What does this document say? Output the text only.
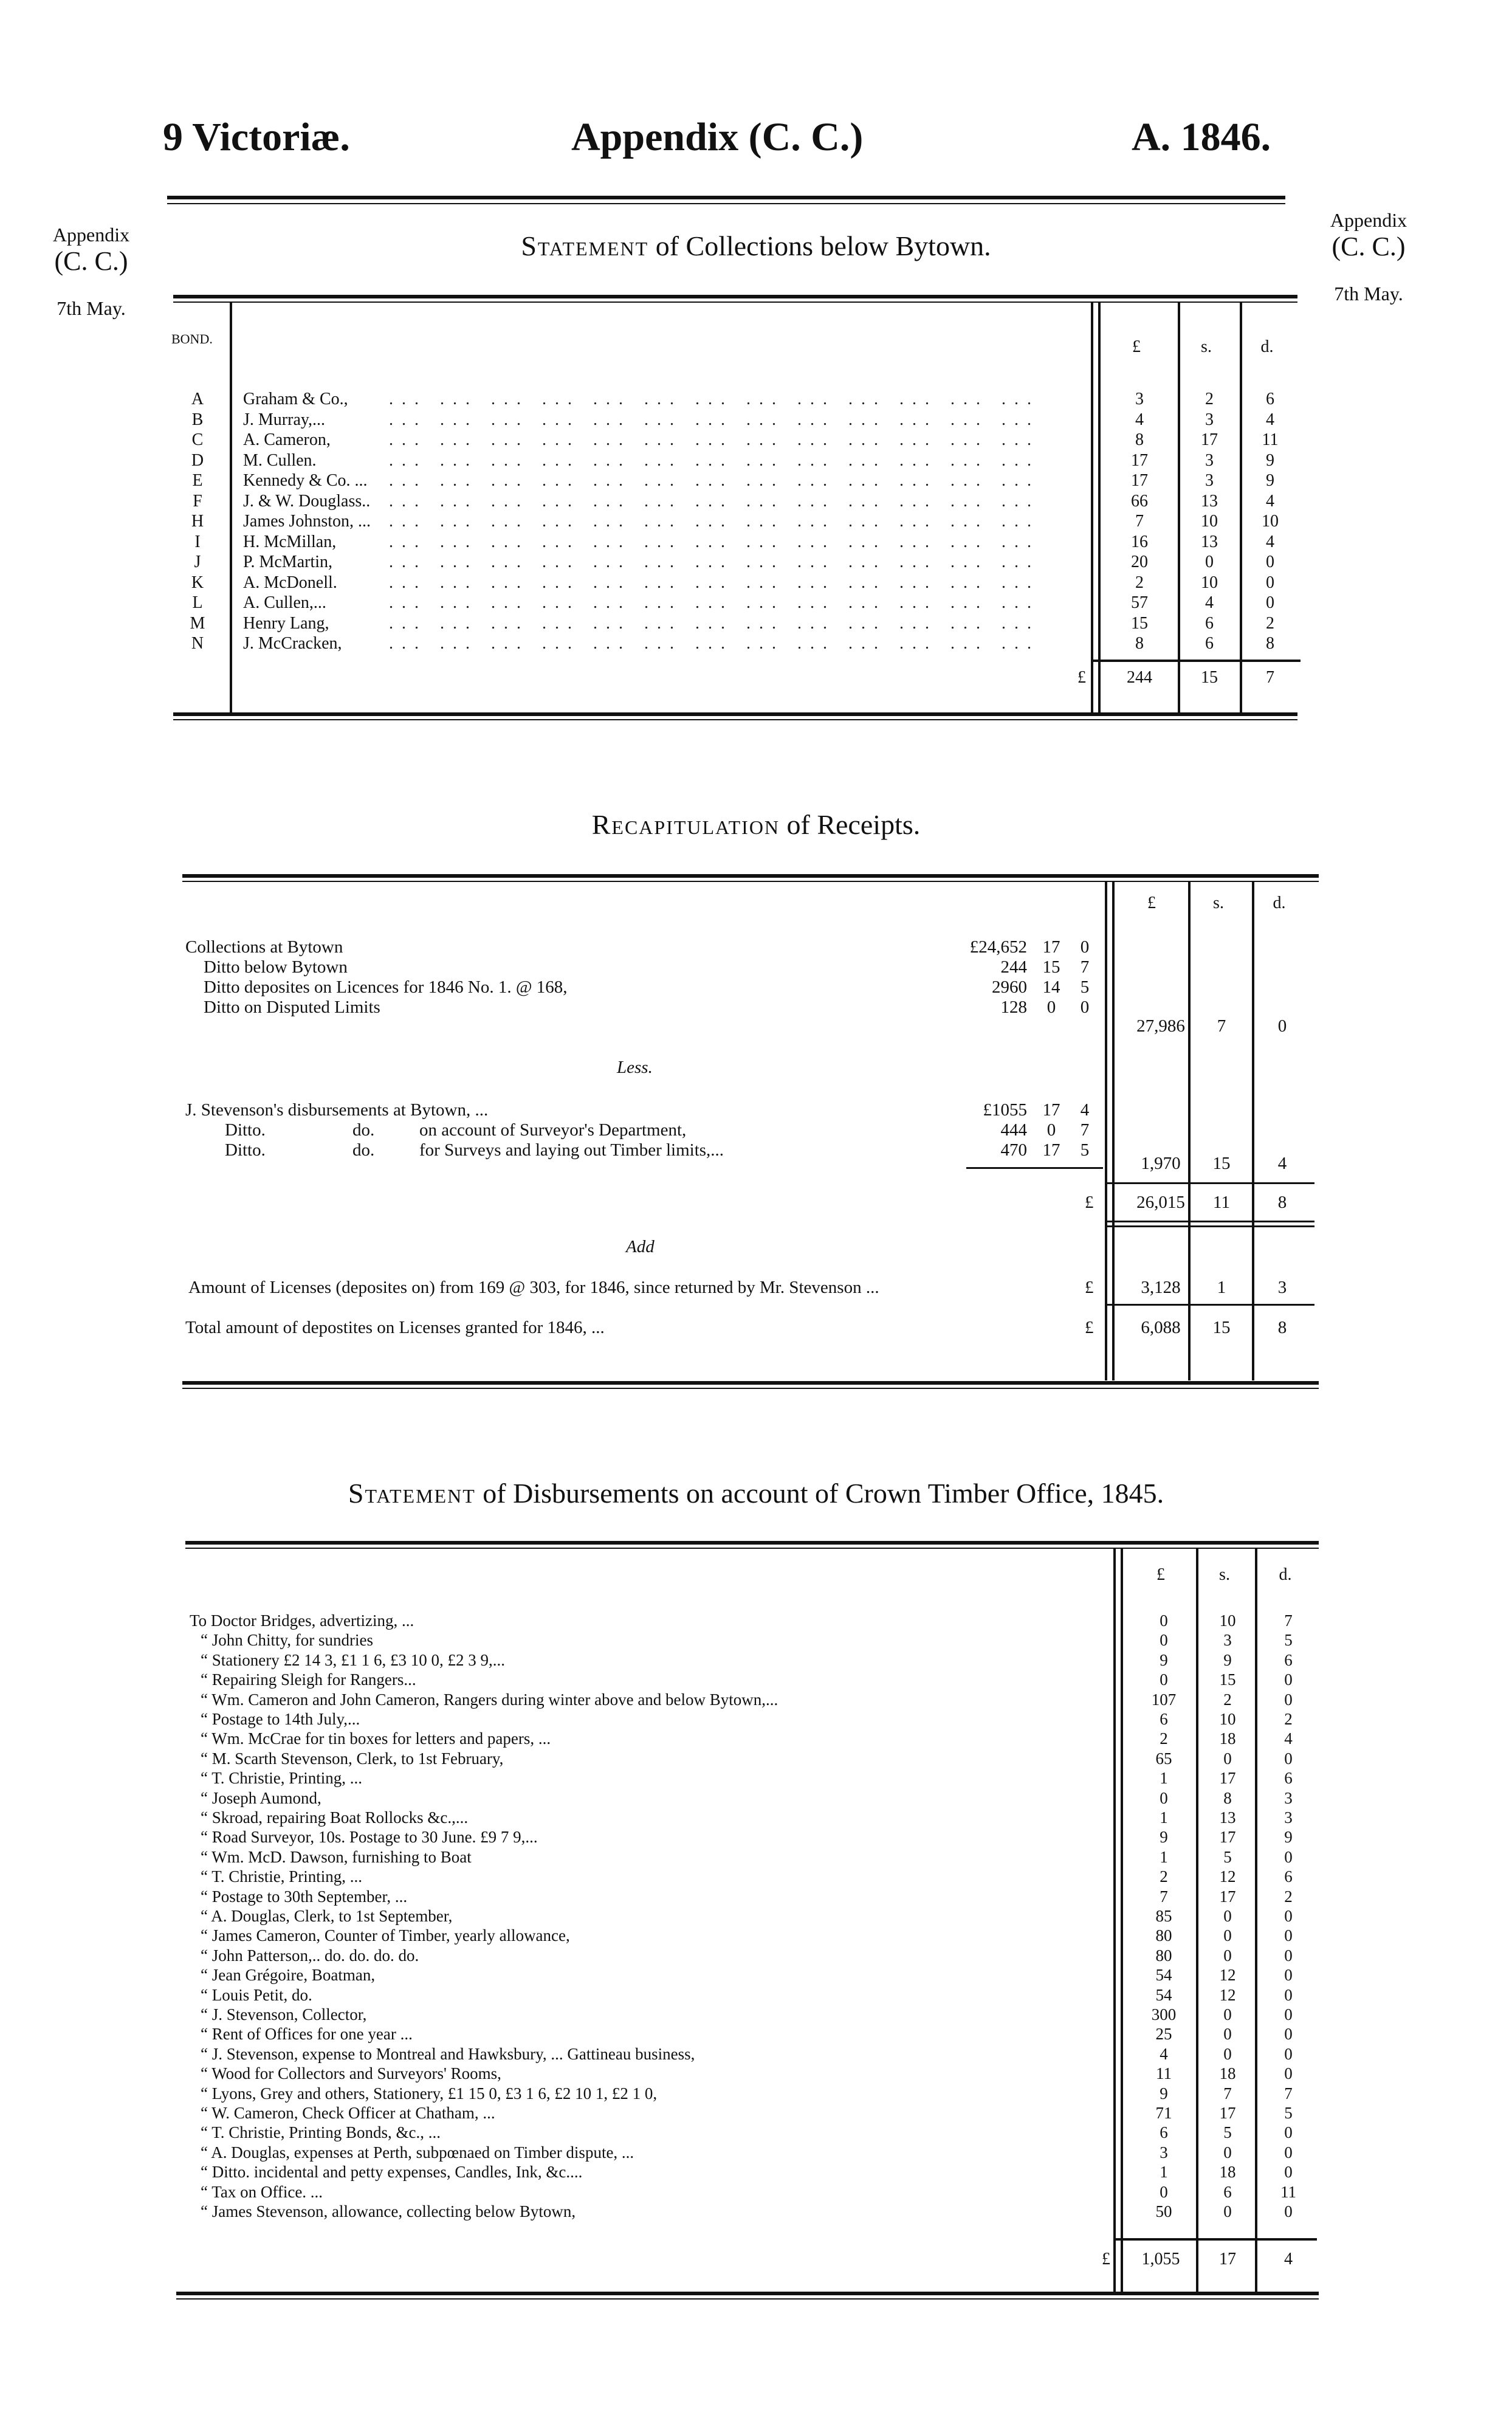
9 Victoriæ.	Appendix (C. C.)	A. 1846.
Appendix
(C. C.)
7th May.
Appendix
(C. C.)
7th May.
Statement of Collections below Bytown.
BOND.	£	s.	d.
A	Graham & Co., ... ... ... ... ... ... ... ... ... ... ... ... ...	3	2	6
B	J. Murray,...	... ... ... ... ... ... ... ... ... ... ... ... ...	4	3	4
C	A. Cameron,	... ... ... ... ... ... ... ... ... ... ... ... ...	8	17	11
D	M. Cullen.	... ... ... ... ... ... ... ... ... ... ... ... ...	17	3	9
E	Kennedy & Co. ... ... ... ... ... ... ... ... ... ... ... ... ... ...	17	3	9
F	J. & W. Douglass.. ... ... ... ... ... ... ... ... ... ... ... ... ...	66	13	4
H	James Johnston, ... ... ... ... ... ... ... ... ... ... ... ... ... ...	7	10	10
I	H. McMillan,	... ... ... ... ... ... ... ... ... ... ... ... ...	16	13	4
J	P. McMartin,	... ... ... ... ... ... ... ... ... ... ... ... ...	20	0	0
K	A. McDonell.	... ... ... ... ... ... ... ... ... ... ... ... ...	2	10	0
L	A. Cullen,...	... ... ... ... ... ... ... ... ... ... ... ... ...	57	4	0
M Henry Lang,	... ... ... ... ... ... ... ... ... ... ... ... ...	15	6	2
N	J. McCracken,	... ... ... ... ... ... ... ... ... ... ... ... ...	8	6	8
£	244	15	7
Recapitulation of Receipts.
£	s.	d.
Collections at Bytown	£24,652 17	0
Ditto below Bytown	244 15	7
Ditto deposites on Licences for 1846 No. 1. @ 168,	2960 14	5
Ditto on Disputed Limits	128	0	0
27,986	7	0
Less.
J. Stevenson's disbursements at Bytown, ...	£1055 17	4
Ditto.	do.	on account of Surveyor's Department,	444	0	7
Ditto.	do.	for Surveys and laying out Timber limits,...	470 17	5
1,970	15	4
£	26,015	11	8
Add
Amount of Licenses (deposites on) from 169 @ 303, for 1846, since returned by Mr. Stevenson ...	£	3,128	1	3
Total amount of depostites on Licenses granted for 1846, ...	£	6,088	15	8
Statement of Disbursements on account of Crown Timber Office, 1845.
£	s.	d.
To Doctor Bridges, advertizing, ...	0	10	7
“ John Chitty, for sundries	0	3	5
“ Stationery £2 14 3, £1 1 6, £3 10 0, £2 3 9,...	9	9	6
“ Repairing Sleigh for Rangers...	0	15	0
“ Wm. Cameron and John Cameron, Rangers during winter above and below Bytown,...	107	2	0
“ Postage to 14th July,...	6	10	2
“ Wm. McCrae for tin boxes for letters and papers, ...	2	18	4
“ M. Scarth Stevenson, Clerk, to 1st February,	65	0	0
“ T. Christie, Printing, ...	1	17	6
“ Joseph Aumond,	0	8	3
“ Skroad, repairing Boat Rollocks &c.,...	1	13	3
“ Road Surveyor, 10s. Postage to 30 June. £9 7 9,...	9	17	9
“ Wm. McD. Dawson, furnishing to Boat	1	5	0
“ T. Christie, Printing, ...	2	12	6
“ Postage to 30th September, ...	7	17	2
“ A. Douglas, Clerk, to 1st September,	85	0	0
“ James Cameron, Counter of Timber, yearly allowance,	80	0	0
“ John Patterson,.. do. do. do. do.	80	0	0
“ Jean Grégoire, Boatman,	54	12	0
“ Louis Petit, do.	54	12	0
“ J. Stevenson, Collector,	300	0	0
“ Rent of Offices for one year ...	25	0	0
“ J. Stevenson, expense to Montreal and Hawksbury, ... Gattineau business,	4	0	0
“ Wood for Collectors and Surveyors' Rooms,	11	18	0
“ Lyons, Grey and others, Stationery, £1 15 0, £3 1 6, £2 10 1, £2 1 0,	9	7	7
“ W. Cameron, Check Officer at Chatham, ...	71	17	5
“ T. Christie, Printing Bonds, &c., ...	6	5	0
“ A. Douglas, expenses at Perth, subpœnaed on Timber dispute, ...	3	0	0
“ Ditto. incidental and petty expenses, Candles, Ink, &c....	1	18	0
“ Tax on Office. ...	0	6	11
“ James Stevenson, allowance, collecting below Bytown,	50	0	0
£	1,055	17	4
